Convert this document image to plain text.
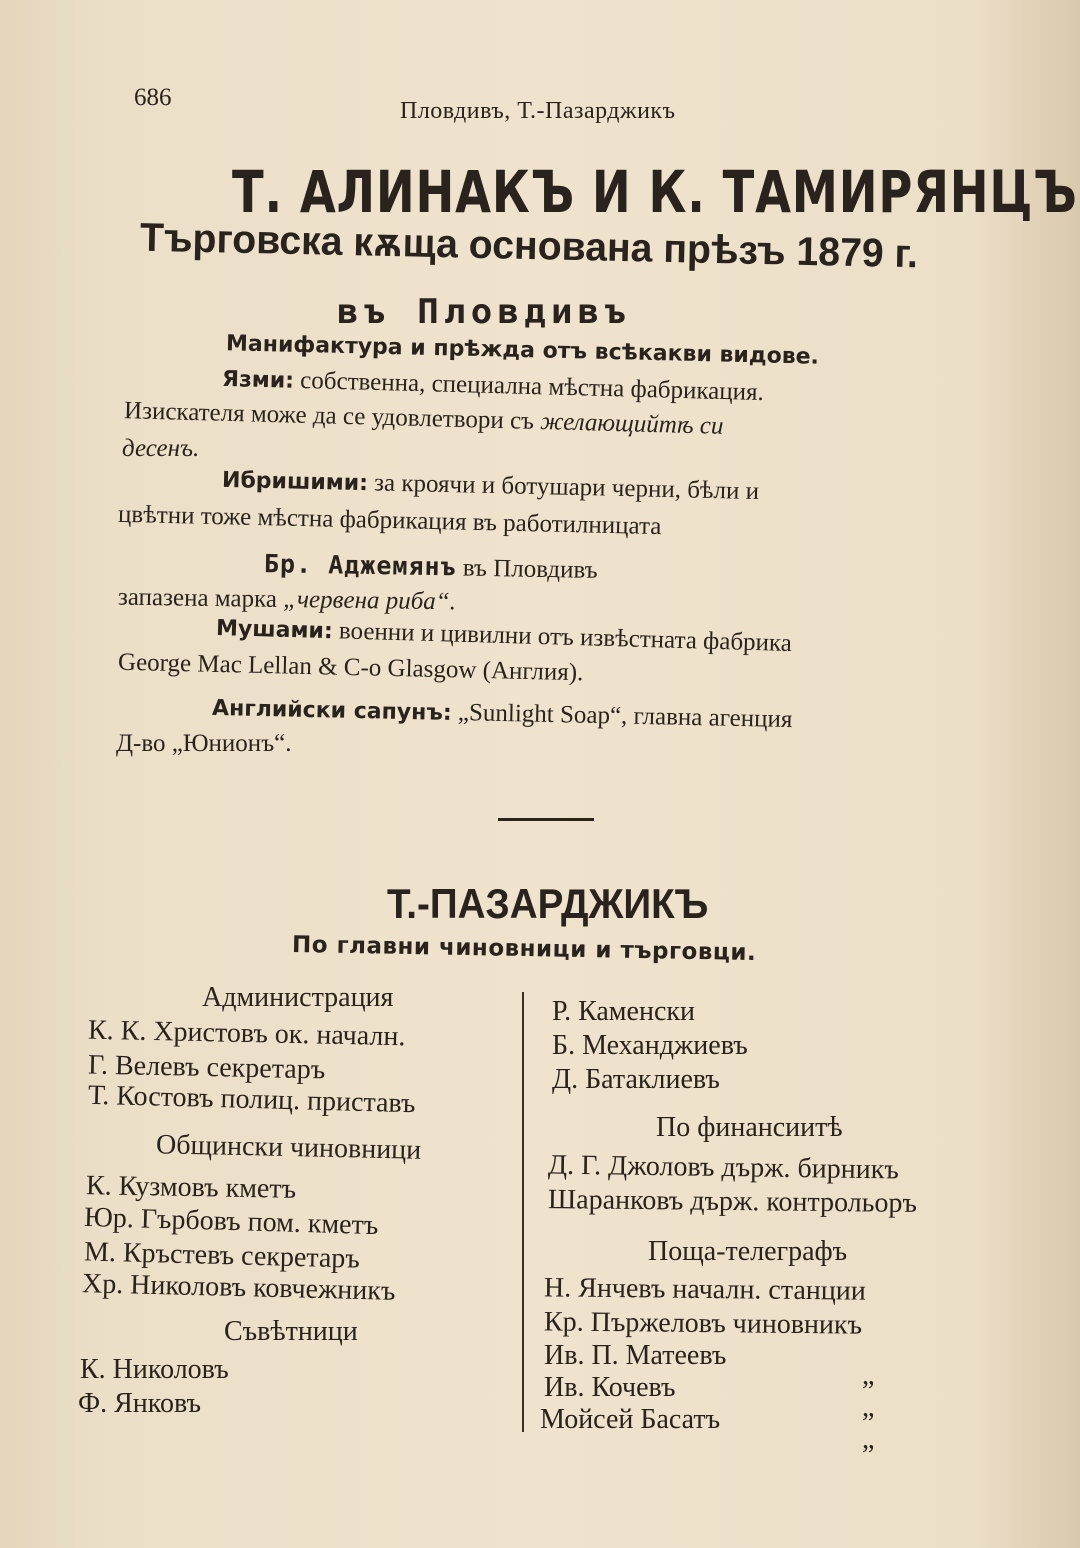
686	Пловдивъ, Т.-Пазарджикъ
Т. АЛИНАКЪ И К. ТАМИРЯНЦЪ
Търговска кѫща основана прѣзъ 1879 г.
въ Пловдивъ
Манифактура и прѣжда отъ всѣкакви видове.
Язми: собственна, специална мѣстна фабрикация.
Изискателя може да се удовлетвори съ желающийтѣ си
десенъ.
Ибришими: за кроячи и ботушари черни, бѣли и
цвѣтни тоже мѣстна фабрикация въ работилницата
Бр. Аджемянъ въ Пловдивъ
запазена марка „червена риба“.
Мушами: военни и цивилни отъ извѣстната фабрика
George Mac Lellan & C-o Glasgow (Англия).
Английски сапунъ: „Sunlight Soap“, главна агенция
Д-во „Юнионъ“.
Т.-ПАЗАРДЖИКЪ
По главни чиновници и търговци.
Администрация
К. К. Христовъ ок. началн.
Г. Велевъ секретаръ
Т. Костовъ полиц. приставъ
Общински чиновници
К. Кузмовъ кметъ
Юр. Гърбовъ пом. кметъ
М. Кръстевъ секретаръ
Хр. Николовъ ковчежникъ
Съвѣтници
К. Николовъ
Ф. Янковъ
Р. Каменски
Б. Механджиевъ
Д. Батаклиевъ
По финансиитѣ
Д. Г. Джоловъ държ. бирникъ
Шаранковъ държ. контрольоръ
Поща-телеграфъ
Н. Янчевъ началн. станции
Кр. Пържеловъ чиновникъ
Ив. П. Матеевъ
Ив. Кочевъ
Мойсей Басатъ
„
„
„
